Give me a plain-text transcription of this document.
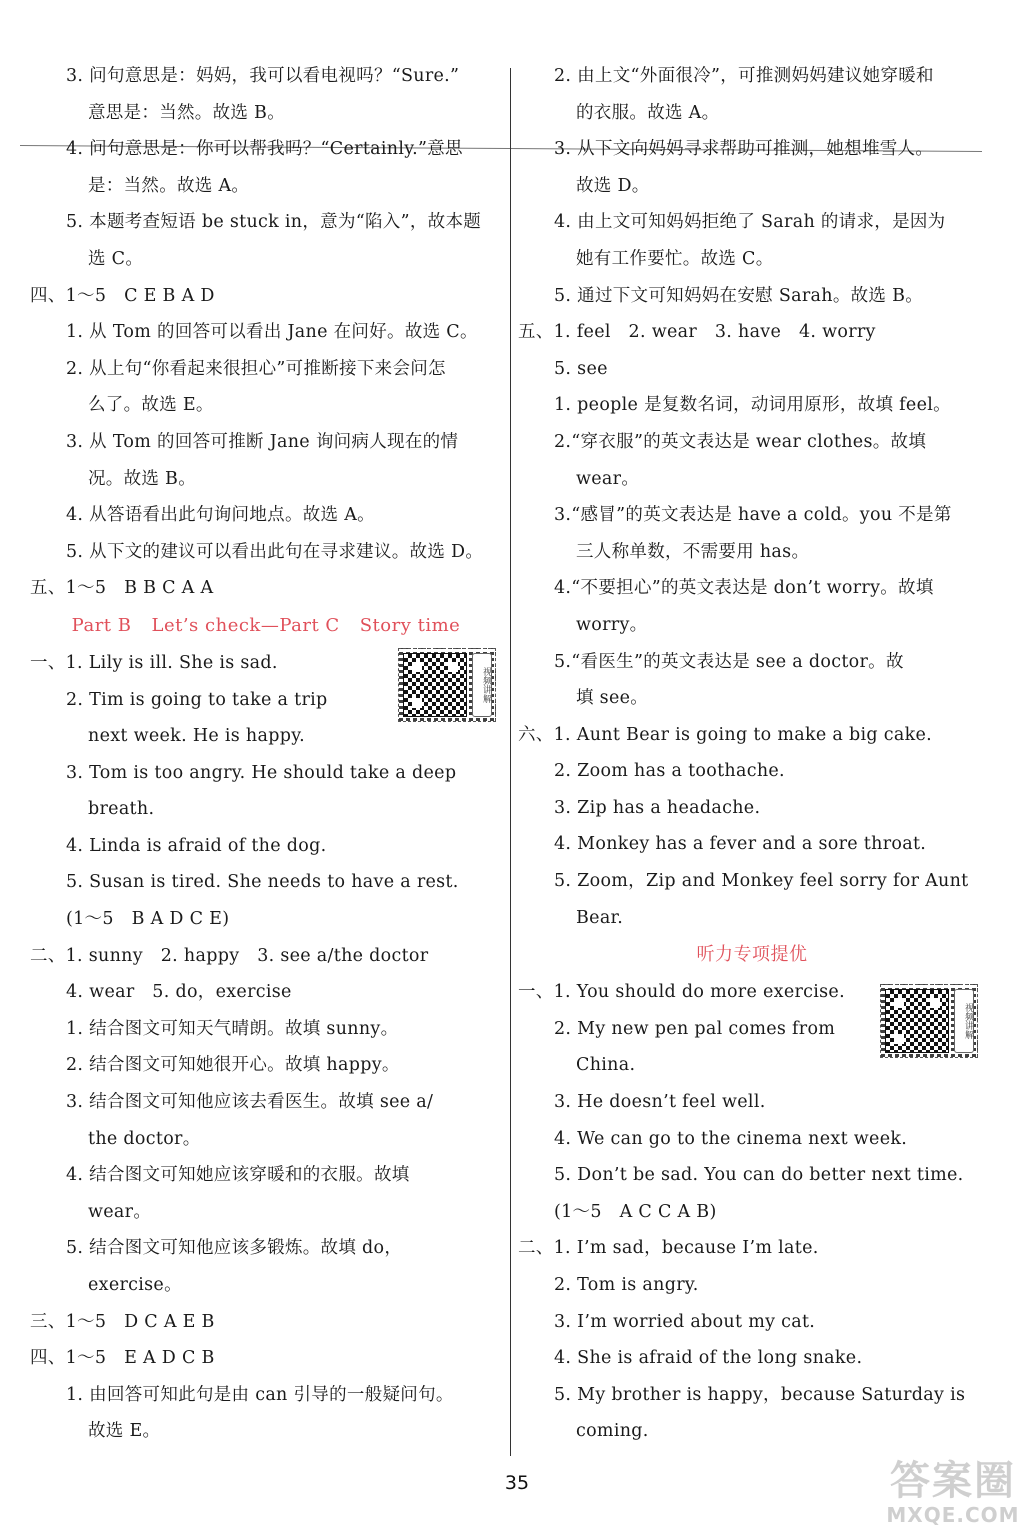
3. 问句意思是：妈妈，我可以看电视吗？“Sure.”
意思是：当然。故选 B。
4. 问句意思是：你可以帮我吗？“Certainly.”意思
是：当然。故选 A。
5. 本题考查短语 be stuck in，意为“陷入”，故本题
选 C。
四、1～5　C E B A D
1. 从 Tom 的回答可以看出 Jane 在问好。故选 C。
2. 从上句“你看起来很担心”可推断接下来会问怎
么了。故选 E。
3. 从 Tom 的回答可推断 Jane 询问病人现在的情
况。故选 B。
4. 从答语看出此句询问地点。故选 A。
5. 从下文的建议可以看出此句在寻求建议。故选 D。
五、1～5　B B C A A
Part B Let’s check—Part C Story time
一、1. Lily is ill. She is sad.
2. Tim is going to take a trip
next week. He is happy.
3. Tom is too angry. He should take a deep
breath.
4. Linda is afraid of the dog.
5. Susan is tired. She needs to have a rest.
(1～5　B A D C E)
二、1. sunny　2. happy　3. see a/the doctor
4. wear　5. do，exercise
1. 结合图文可知天气晴朗。故填 sunny。
2. 结合图文可知她很开心。故填 happy。
3. 结合图文可知他应该去看医生。故填 see a/
the doctor。
4. 结合图文可知她应该穿暖和的衣服。故填
wear。
5. 结合图文可知他应该多锻炼。故填 do，
exercise。
三、1～5　D C A E B
四、1～5　E A D C B
1. 由回答可知此句是由 can 引导的一般疑问句。
故选 E。
2. 由上文“外面很冷”，可推测妈妈建议她穿暖和
的衣服。故选 A。
3. 从下文向妈妈寻求帮助可推测，她想堆雪人。
故选 D。
4. 由上文可知妈妈拒绝了 Sarah 的请求，是因为
她有工作要忙。故选 C。
5. 通过下文可知妈妈在安慰 Sarah。故选 B。
五、1. feel　2. wear　3. have　4. worry
5. see
1. people 是复数名词，动词用原形，故填 feel。
2.“穿衣服”的英文表达是 wear clothes。故填
wear。
3.“感冒”的英文表达是 have a cold。you 不是第
三人称单数，不需要用 has。
4.“不要担心”的英文表达是 don’t worry。故填
worry。
5.“看医生”的英文表达是 see a doctor。故
填 see。
六、1. Aunt Bear is going to make a big cake.
2. Zoom has a toothache.
3. Zip has a headache.
4. Monkey has a fever and a sore throat.
5. Zoom，Zip and Monkey feel sorry for Aunt
Bear.
听力专项提优
一、1. You should do more exercise.
2. My new pen pal comes from
China.
3. He doesn’t feel well.
4. We can go to the cinema next week.
5. Don’t be sad. You can do better next time.
(1～5　A C C A B)
二、1. I’m sad，because I’m late.
2. Tom is angry.
3. I’m worried about my cat.
4. She is afraid of the long snake.
5. My brother is happy，because Saturday is
coming.
视频讲解
视频讲解
35	答案圈
MXQE.COM
